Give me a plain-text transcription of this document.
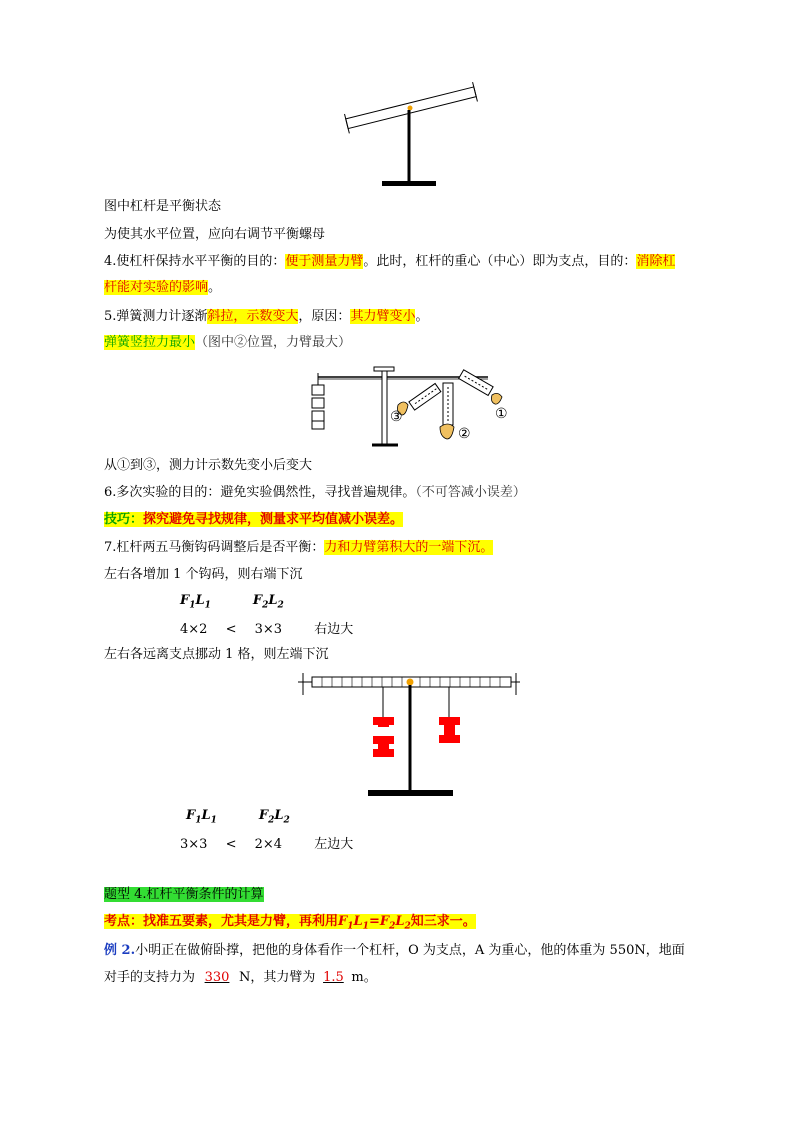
图中杠杆是平衡状态
为使其水平位置，应向右调节平衡螺母
4.使杠杆保持水平平衡的目的：便于测量力臂。此时，杠杆的重心（中心）即为支点，目的：消除杠
杆能对实验的影响。
5.弹簧测力计逐渐斜拉，示数变大，原因：其力臂变小。
弹簧竖拉力最小（图中②位置，力臂最大）
③
②
①
从①到③，测力计示数先变小后变大
6.多次实验的目的：避免实验偶然性，寻找普遍规律。（不可答减小误差）
技巧：探究避免寻找规律，测量求平均值减小误差。
7.杠杆两五马衡钩码调整后是否平衡：力和力臂第积大的一端下沉。
左右各增加 1 个钩码，则右端下沉
$F_1L_1$	$F_2L_2$
4×2 < 3×3 右边大
左右各远离支点挪动 1 格，则左端下沉
$F_1L_1$	$F_2L_2$
3×3 < 2×4 左边大
题型 4.杠杆平衡条件的计算
考点：找准五要素，尤其是力臂，再利用$F_1L_1=F_2L_2$知三求一。
例 2.小明正在做俯卧撑，把他的身体看作一个杠杆，O 为支点，A 为重心，他的体重为 550N，地面
对手的支持力为 330 N，其力臂为 1.5 m。
